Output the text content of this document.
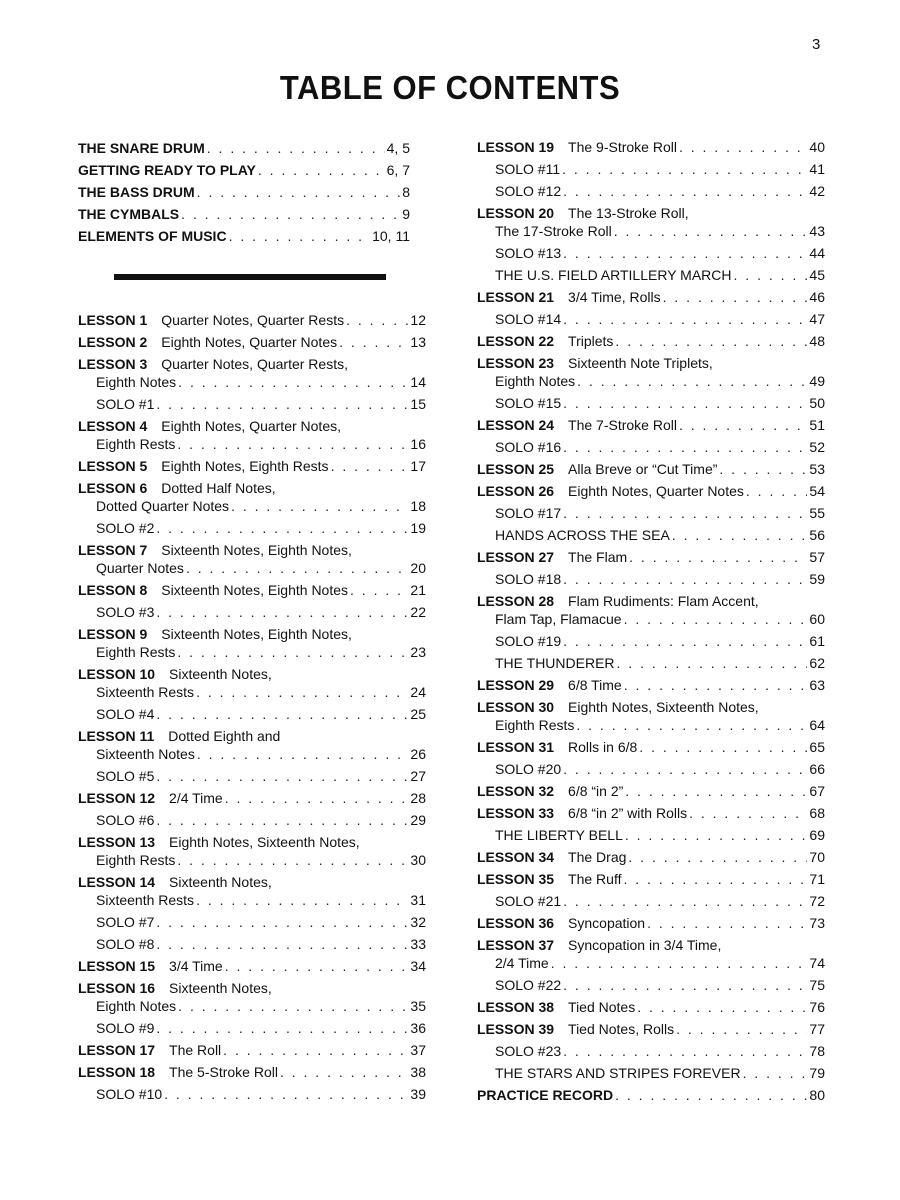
3
TABLE OF CONTENTS
THE SNARE DRUM . . .	4, 5
GETTING READY TO PLAY . . .	6, 7
THE BASS DRUM . . .	8
THE CYMBALS . . .	9
ELEMENTS OF MUSIC . . .	10, 11
LESSON 1 Quarter Notes, Quarter Rests . . .	12
LESSON 2 Eighth Notes, Quarter Notes . . .	13
LESSON 3 Quarter Notes, Quarter Rests,
Eighth Notes . . .	14
SOLO #1 . . .	15
LESSON 4 Eighth Notes, Quarter Notes,
Eighth Rests . . .	16
LESSON 5 Eighth Notes, Eighth Rests . . .	17
LESSON 6 Dotted Half Notes,
Dotted Quarter Notes . . .	18
SOLO #2 . . .	19
LESSON 7 Sixteenth Notes, Eighth Notes,
Quarter Notes . . .	20
LESSON 8 Sixteenth Notes, Eighth Notes . . .	21
SOLO #3 . . .	22
LESSON 9 Sixteenth Notes, Eighth Notes,
Eighth Rests . . .	23
LESSON 10 Sixteenth Notes,
Sixteenth Rests . . .	24
SOLO #4 . . .	25
LESSON 11 Dotted Eighth and
Sixteenth Notes . . .	26
SOLO #5 . . .	27
LESSON 12 2/4 Time . . .	28
SOLO #6 . . .	29
LESSON 13 Eighth Notes, Sixteenth Notes,
Eighth Rests . . .	30
LESSON 14 Sixteenth Notes,
Sixteenth Rests . . .	31
SOLO #7 . . .	32
SOLO #8 . . .	33
LESSON 15 3/4 Time . . .	34
LESSON 16 Sixteenth Notes,
Eighth Notes . . .	35
SOLO #9 . . .	36
LESSON 17 The Roll . . .	37
LESSON 18 The 5-Stroke Roll . . .	38
SOLO #10 . . .	39
LESSON 19 The 9-Stroke Roll . . .	40
SOLO #11 . . .	41
SOLO #12 . . .	42
LESSON 20 The 13-Stroke Roll,
The 17-Stroke Roll . . .	43
SOLO #13 . . .	44
THE U.S. FIELD ARTILLERY MARCH . . .	45
LESSON 21 3/4 Time, Rolls . . .	46
SOLO #14 . . .	47
LESSON 22 Triplets . . .	48
LESSON 23 Sixteenth Note Triplets,
Eighth Notes . . .	49
SOLO #15 . . .	50
LESSON 24 The 7-Stroke Roll . . .	51
SOLO #16 . . .	52
LESSON 25 Alla Breve or “Cut Time” . . .	53
LESSON 26 Eighth Notes, Quarter Notes . . .	54
SOLO #17 . . .	55
HANDS ACROSS THE SEA . . .	56
LESSON 27 The Flam . . .	57
SOLO #18 . . .	59
LESSON 28 Flam Rudiments: Flam Accent,
Flam Tap, Flamacue . . .	60
SOLO #19 . . .	61
THE THUNDERER . . .	62
LESSON 29 6/8 Time . . .	63
LESSON 30 Eighth Notes, Sixteenth Notes,
Eighth Rests . . .	64
LESSON 31 Rolls in 6/8 . . .	65
SOLO #20 . . .	66
LESSON 32 6/8 “in 2” . . .	67
LESSON 33 6/8 “in 2” with Rolls . . .	68
THE LIBERTY BELL . . .	69
LESSON 34 The Drag . . .	70
LESSON 35 The Ruff . . .	71
SOLO #21 . . .	72
LESSON 36 Syncopation . . .	73
LESSON 37 Syncopation in 3/4 Time,
2/4 Time . . .	74
SOLO #22 . . .	75
LESSON 38 Tied Notes . . .	76
LESSON 39 Tied Notes, Rolls . . .	77
SOLO #23 . . .	78
THE STARS AND STRIPES FOREVER . . .	79
PRACTICE RECORD . . .	80
